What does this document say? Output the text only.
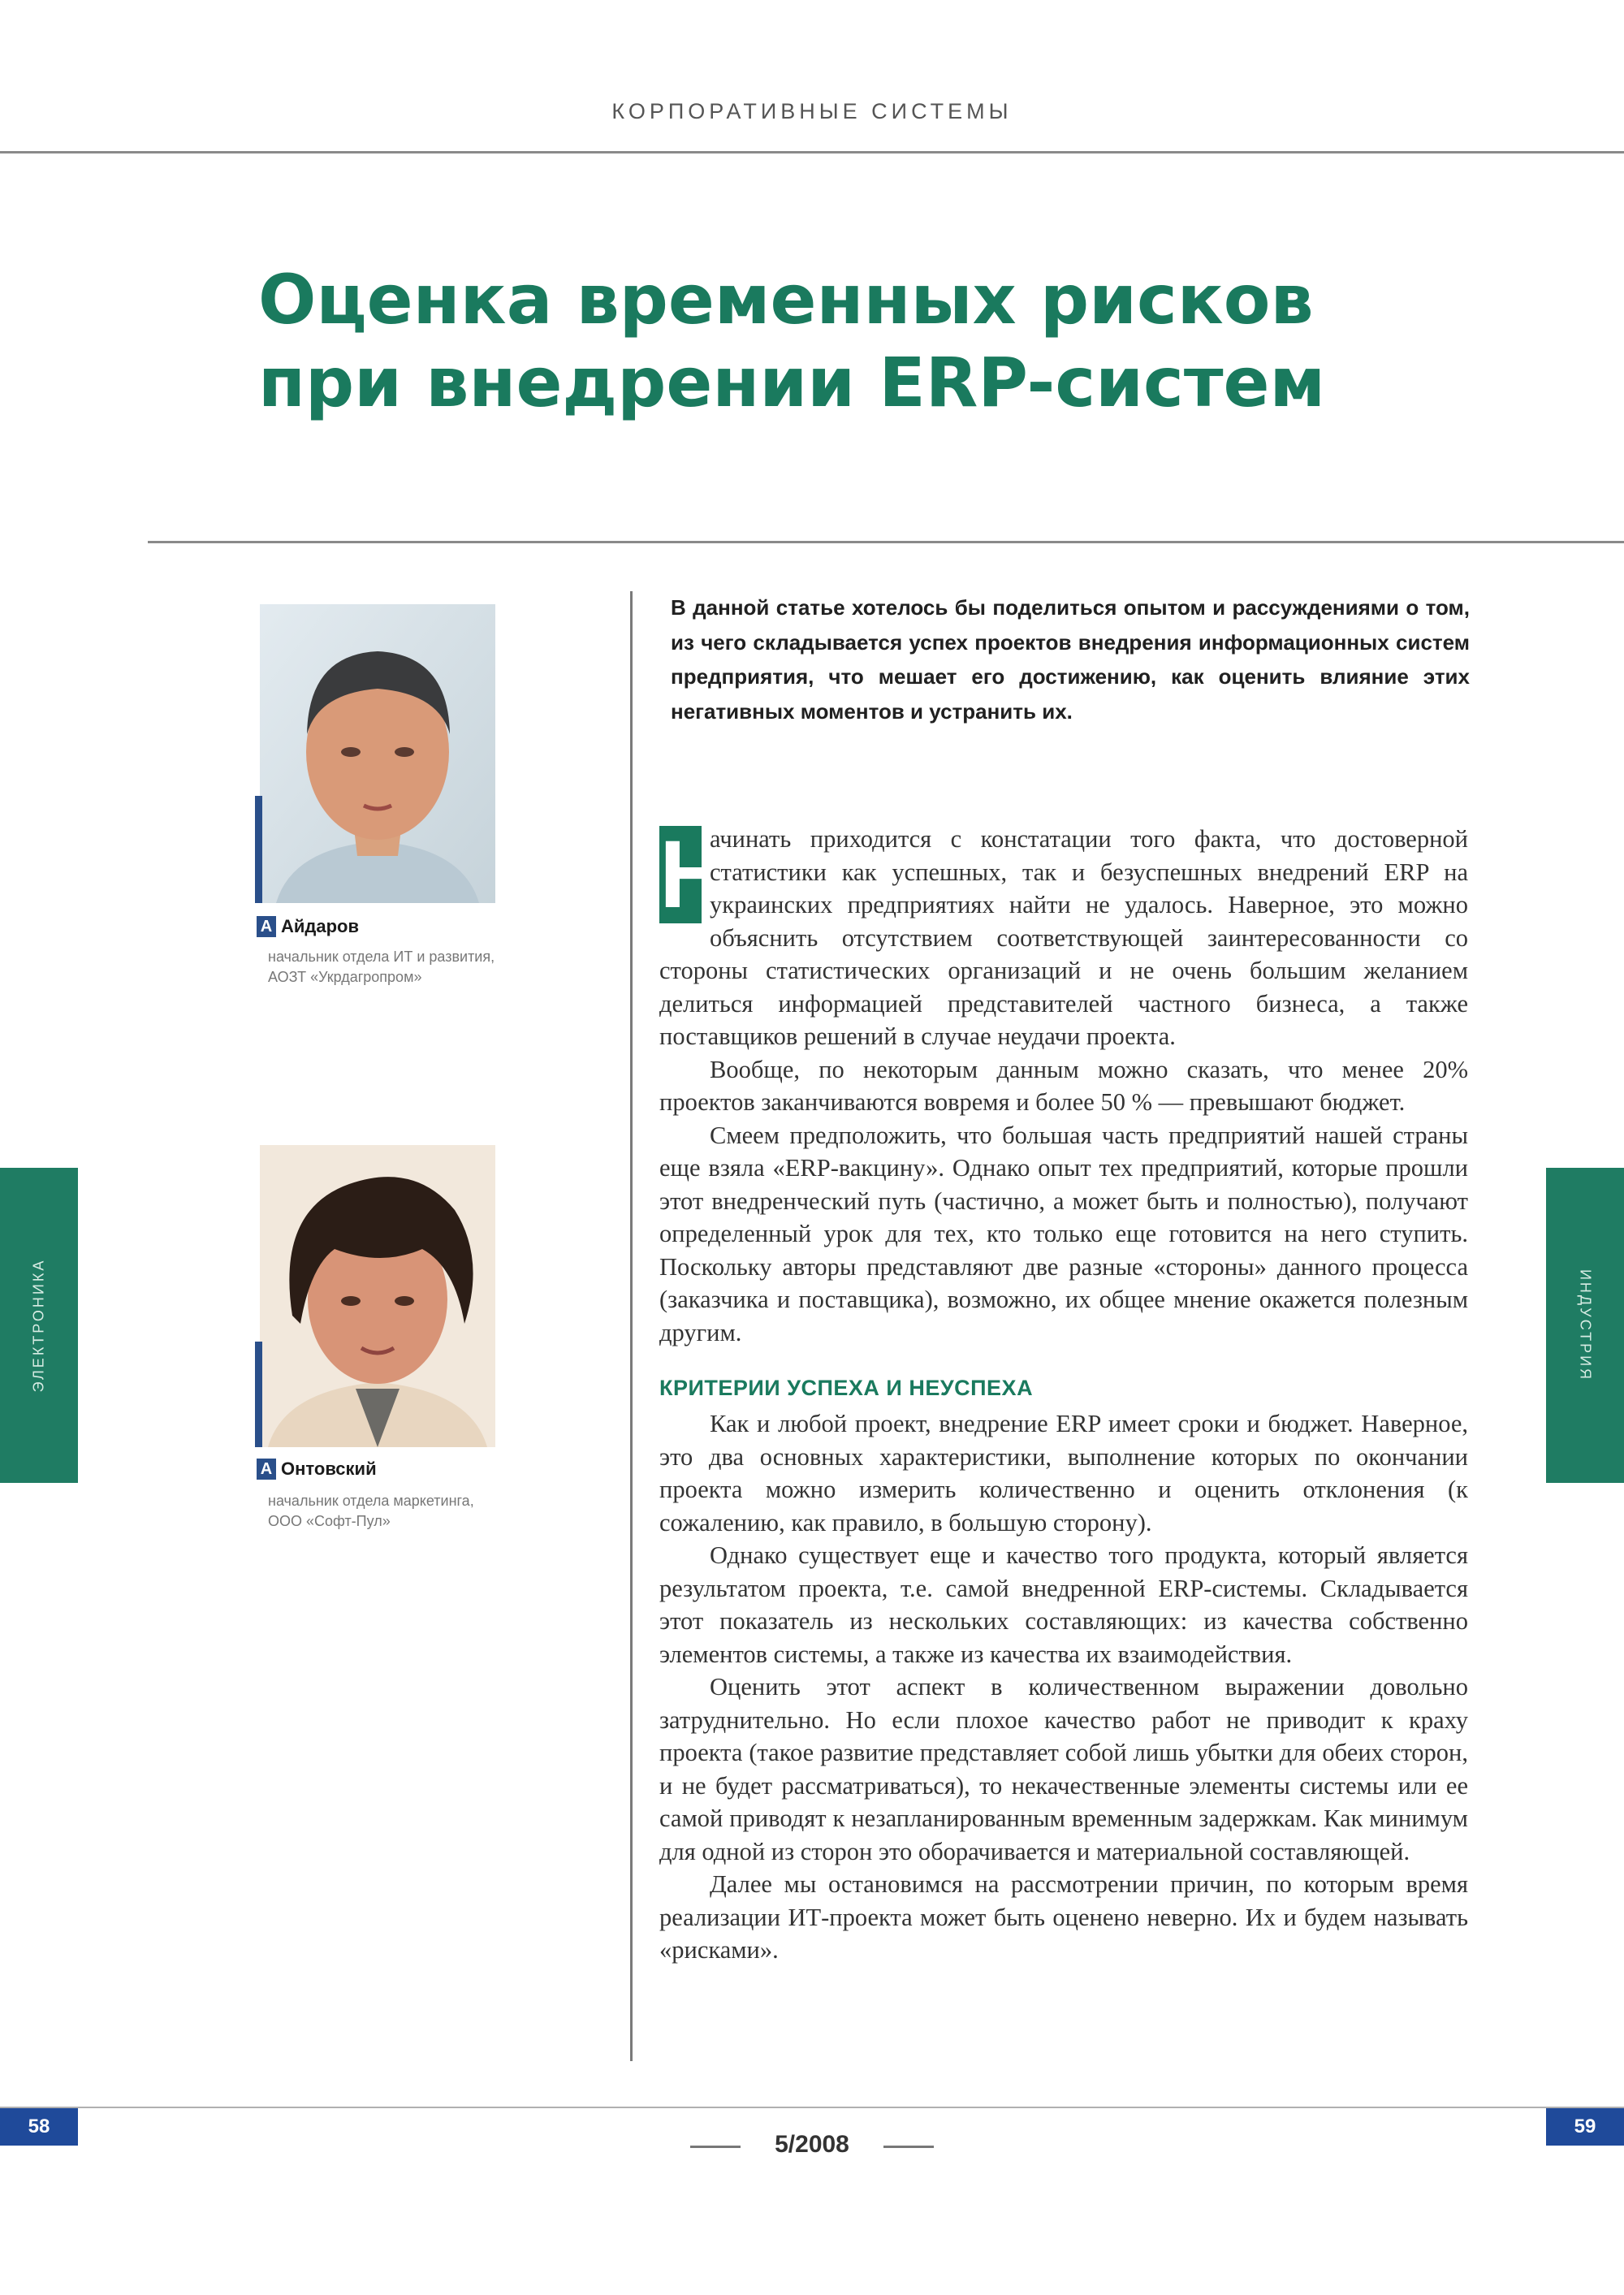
КОРПОРАТИВНЫЕ СИСТЕМЫ
Оценка временных рисков
при внедрении ERP-систем
А Айдаров
начальник отдела ИТ и развития, АОЗТ «Укрдагропром»
А Онтовский
начальник отдела маркетинга, ООО «Софт-Пул»
В данной статье хотелось бы поделиться опытом и рассуждениями о том, из чего складывается успех проектов внедрения информационных систем предприятия, что мешает его достижению, как оценить влияние этих негативных моментов и устранить их.

Н
ачинать приходится с констатации того факта, что достоверной статистики как успешных, так и безуспешных внедрений ERP на украинских предприятиях найти не удалось. Наверное, это можно объяснить отсутствием соответствующей заинтересованности со стороны статистических организаций и не очень большим желанием делиться информацией представителей частного бизнеса, а также поставщиков решений в случае неудачи проекта.

Вообще, по некоторым данным можно сказать, что менее 20% проектов заканчиваются вовремя и более 50 % — превышают бюджет.

Смеем предположить, что большая часть предприятий нашей страны еще взяла «ERP-вакцину». Однако опыт тех предприятий, которые прошли этот внедренческий путь (частично, а может быть и полностью), получают определенный урок для тех, кто только еще готовится на него ступить. Поскольку авторы представляют две разные «стороны» данного процесса (заказчика и поставщика), возможно, их общее мнение окажется полезным другим.

КРИТЕРИИ УСПЕХА И НЕУСПЕХА

Как и любой проект, внедрение ERP имеет сроки и бюджет. Наверное, это два основных характеристики, выполнение которых по окончании проекта можно измерить количественно и оценить отклонения (к сожалению, как правило, в большую сторону).

Однако существует еще и качество того продукта, который является результатом проекта, т.е. самой внедренной ERP-системы. Складывается этот показатель из нескольких составляющих: из качества собственно элементов системы, а также из качества их взаимодействия.

Оценить этот аспект в количественном выражении довольно затруднительно. Но если плохое качество работ не приводит к краху проекта (такое развитие представляет собой лишь убытки для обеих сторон, и не будет рассматриваться), то некачественные элементы системы или ее самой приводят к незапланированным временным задержкам. Как минимум для одной из сторон это оборачивается и материальной составляющей.

Далее мы остановимся на рассмотрении причин, по которым время реализации ИТ-проекта может быть оценено неверно. Их и будем называть «рисками».

ЭЛЕКТРОНИКА	ИНДУСТРИЯ
58	59
5/2008
